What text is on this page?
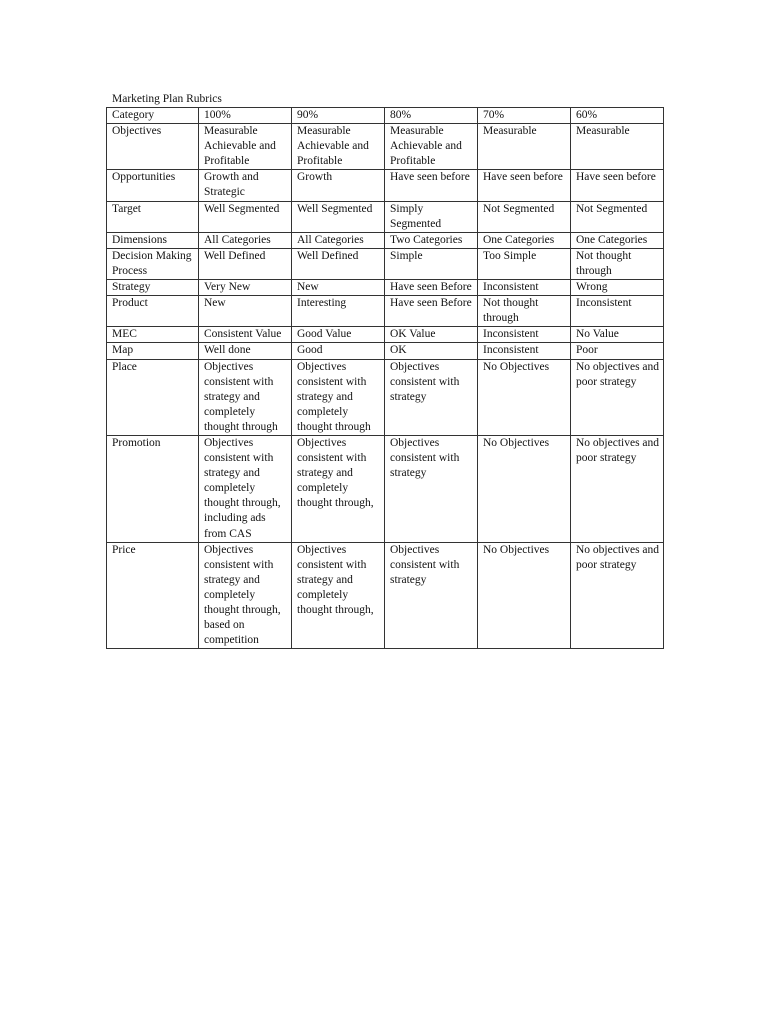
Marketing Plan Rubrics
Category	100%	90%	80%	70%	60%
Objectives	Measurable Achievable and Profitable	Measurable Achievable and Profitable	Measurable Achievable and Profitable	Measurable	Measurable
Opportunities	Growth and Strategic	Growth	Have seen before	Have seen before	Have seen before
Target	Well Segmented	Well Segmented	Simply Segmented	Not Segmented	Not Segmented
Dimensions	All Categories	All Categories	Two Categories	One Categories	One Categories
Decision Making Process	Well Defined	Well Defined	Simple	Too Simple	Not thought through
Strategy	Very New	New	Have seen Before	Inconsistent	Wrong
Product	New	Interesting	Have seen Before	Not thought through	Inconsistent
MEC	Consistent Value	Good Value	OK Value	Inconsistent	No Value
Map	Well done	Good	OK	Inconsistent	Poor
Place	Objectives consistent with strategy and completely thought through	Objectives consistent with strategy and completely thought through	Objectives consistent with strategy	No Objectives	No objectives and poor strategy
Promotion	Objectives consistent with strategy and completely thought through, including ads from CAS	Objectives consistent with strategy and completely thought through,	Objectives consistent with strategy	No Objectives	No objectives and poor strategy
Price	Objectives consistent with strategy and completely thought through, based on competition	Objectives consistent with strategy and completely thought through,	Objectives consistent with strategy	No Objectives	No objectives and poor strategy
